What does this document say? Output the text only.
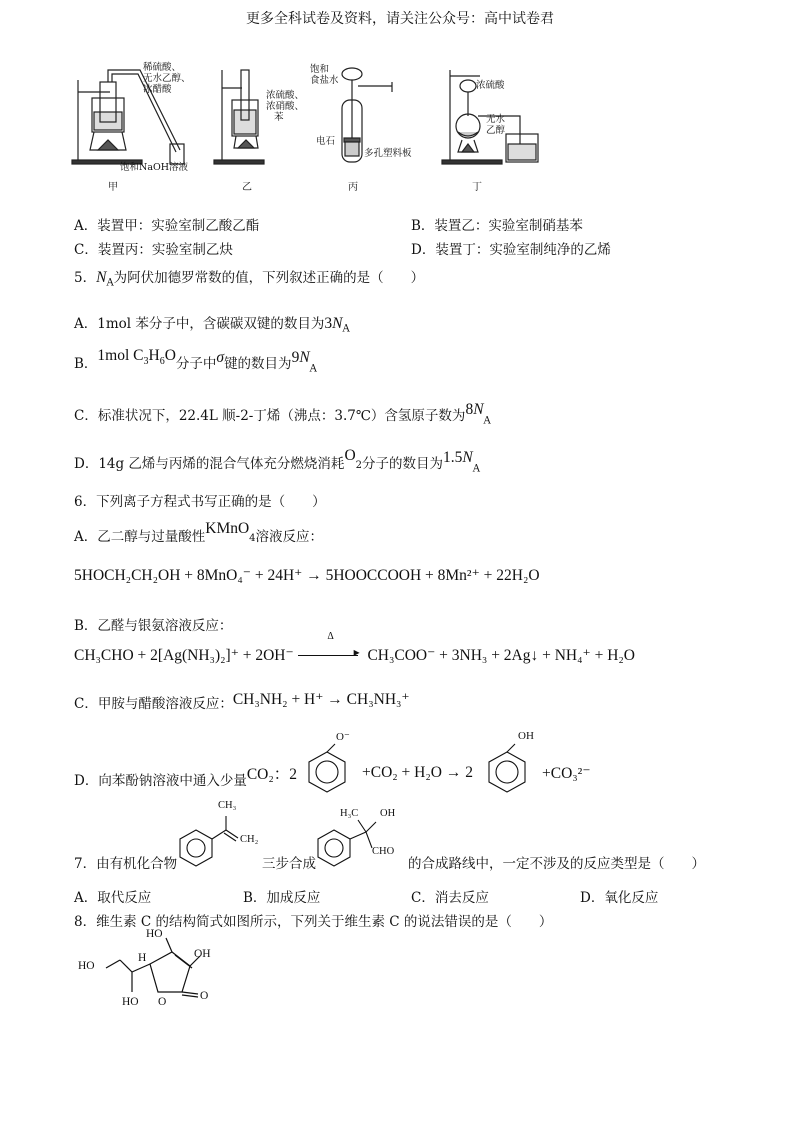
更多全科试卷及资料，请关注公众号：高中试卷君
稀硫酸、
无水乙醇、
冰醋酸
饱和NaOH溶液
甲
浓硫酸、
浓硝酸、
苯
乙
饱和
食盐水
电石
多孔塑料板
丙
浓硫酸
无水
乙醇
丁
A．装置甲：实验室制乙酸乙酯	B．装置乙：实验室制硝基苯
C．装置丙：实验室制乙炔	D．装置丁：实验室制纯净的乙烯
5．$N_A$为阿伏加德罗常数的值，下列叙述正确的是（　　）
A．1mol 苯分子中，含碳碳双键的数目为$3N_A$
B．1mol $C_3H_6O$分子中σ键的数目为$9N_A$
C．标准状况下，22.4L 顺-2-丁烯（沸点：3.7℃）含氢原子数为$8N_A$
D．14g 乙烯与丙烯的混合气体充分燃烧消耗$O_2$分子的数目为$1.5N_A$
6．下列离子方程式书写正确的是（　　）
A．乙二醇与过量酸性KMnO$_4$溶液反应：
5HOCH₂CH₂OH + 8MnO₄⁻ + 24H⁺ → 5HOOCCOOH + 8Mn²⁺ + 22H₂O
B．乙醛与银氨溶液反应：
CH₃CHO + 2[Ag(NH₃)₂]⁺ + 2OH⁻
Δ
▸ CH₃COO⁻ + 3NH₃ + 2Ag↓ + NH₄⁺ + H₂O
C．甲胺与醋酸溶液反应：CH₃NH₂ + H⁺ → CH₃NH₃⁺
D．向苯酚钠溶液中通入少量CO₂：2
O⁻
+CO₂ + H₂O → 2
OH
+CO₃²⁻
7．由有机化合物
CH₃
CH₂
三步合成
H₃C OH
CHO
的合成路线中，一定不涉及的反应类型是（　　）
A．取代反应	B．加成反应	C．消去反应	D．氧化反应
8．维生素 C 的结构简式如图所示，下列关于维生素 C 的说法错误的是（　　）
HO
OH
HO
H
HO O	O
